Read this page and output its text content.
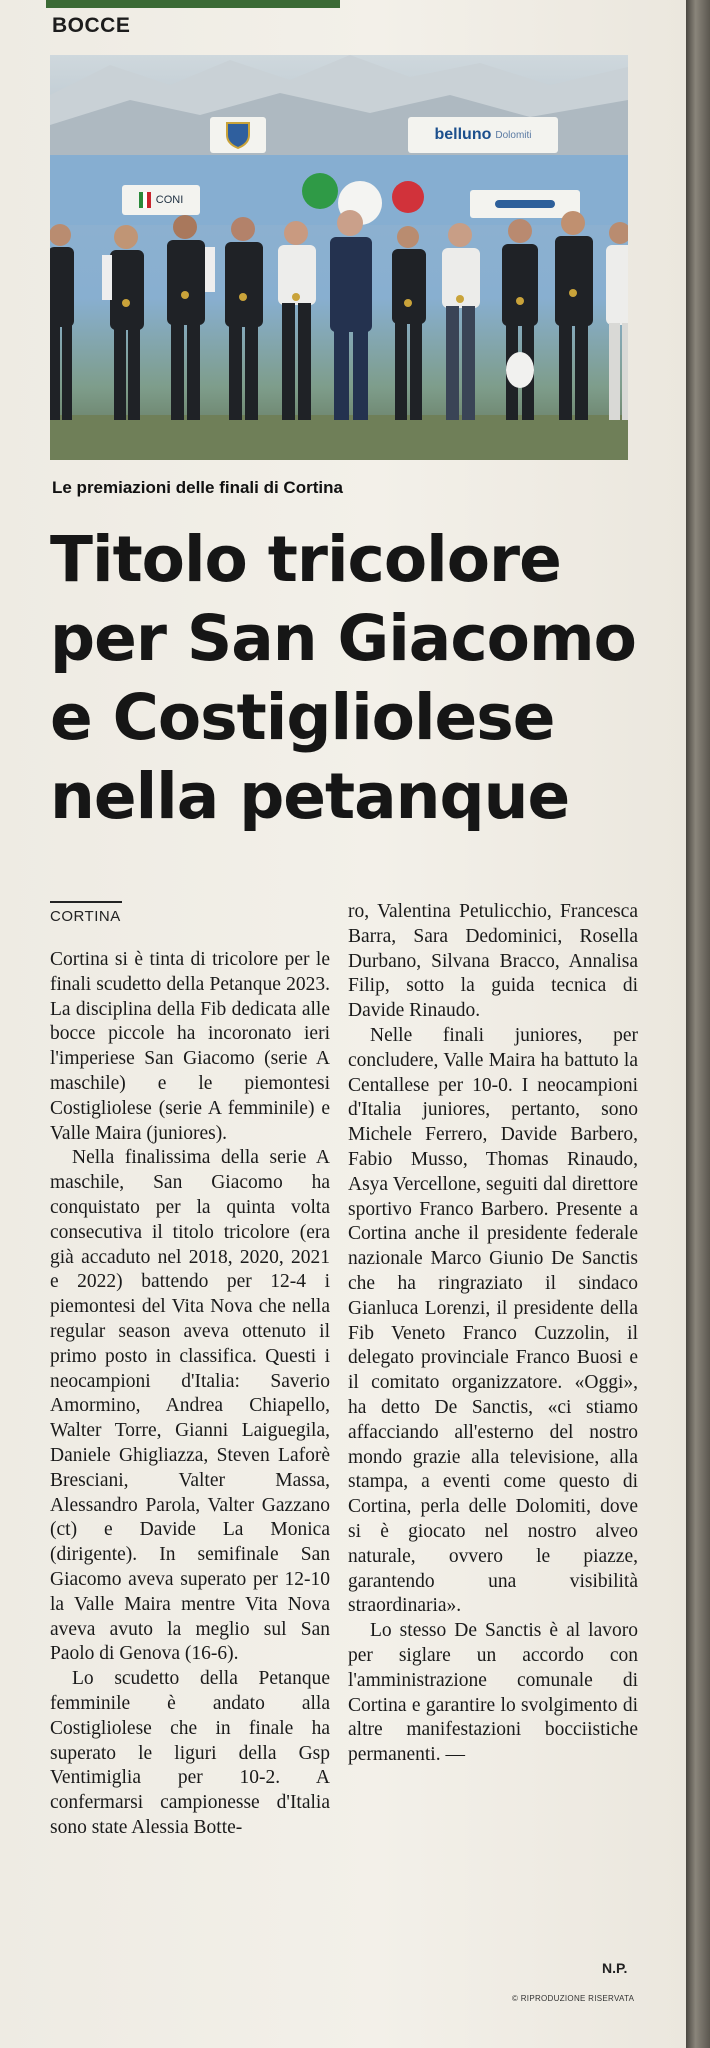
BOCCE
belluno Dolomiti
CONI
Le premiazioni delle finali di Cortina
Titolo tricolore
per San Giacomo
e Costigliolese
nella petanque
CORTINA

Cortina si è tinta di tricolore per le finali scudetto della Petanque 2023. La disciplina della Fib dedicata alle bocce piccole ha incoronato ieri l'imperiese San Giacomo (serie A maschile) e le piemontesi Costigliolese (serie A femminile) e Valle Maira (juniores).

Nella finalissima della serie A maschile, San Giacomo ha conquistato per la quinta volta consecutiva il titolo tricolore (era già accaduto nel 2018, 2020, 2021 e 2022) battendo per 12-4 i piemontesi del Vita Nova che nella regular season aveva ottenuto il primo posto in classifica. Questi i neocampioni d'Italia: Saverio Amormino, Andrea Chiapello, Walter Torre, Gianni Laiguegila, Daniele Ghigliazza, Steven Laforè Bresciani, Valter Massa, Alessandro Parola, Valter Gazzano (ct) e Davide La Monica (dirigente). In semifinale San Giacomo aveva superato per 12-10 la Valle Maira mentre Vita Nova aveva avuto la meglio sul San Paolo di Genova (16-6).

Lo scudetto della Petanque femminile è andato alla Costigliolese che in finale ha superato le liguri della Gsp Ventimiglia per 10-2. A confermarsi campionesse d'Italia sono state Alessia Botte-

ro, Valentina Petulicchio, Francesca Barra, Sara Dedominici, Rosella Durbano, Silvana Bracco, Annalisa Filip, sotto la guida tecnica di Davide Rinaudo.

Nelle finali juniores, per concludere, Valle Maira ha battuto la Centallese per 10-0. I neocampioni d'Italia juniores, pertanto, sono Michele Ferrero, Davide Barbero, Fabio Musso, Thomas Rinaudo, Asya Vercellone, seguiti dal direttore sportivo Franco Barbero. Presente a Cortina anche il presidente federale nazionale Marco Giunio De Sanctis che ha ringraziato il sindaco Gianluca Lorenzi, il presidente della Fib Veneto Franco Cuzzolin, il delegato provinciale Franco Buosi e il comitato organizzatore. «Oggi», ha detto De Sanctis, «ci stiamo affacciando all'esterno del nostro mondo grazie alla televisione, alla stampa, a eventi come questo di Cortina, perla delle Dolomiti, dove si è giocato nel nostro alveo naturale, ovvero le piazze, garantendo una visibilità straordinaria».

Lo stesso De Sanctis è al lavoro per siglare un accordo con l'amministrazione comunale di Cortina e garantire lo svolgimento di altre manifestazioni bocciistiche permanenti. —

N.P.
© RIPRODUZIONE RISERVATA
